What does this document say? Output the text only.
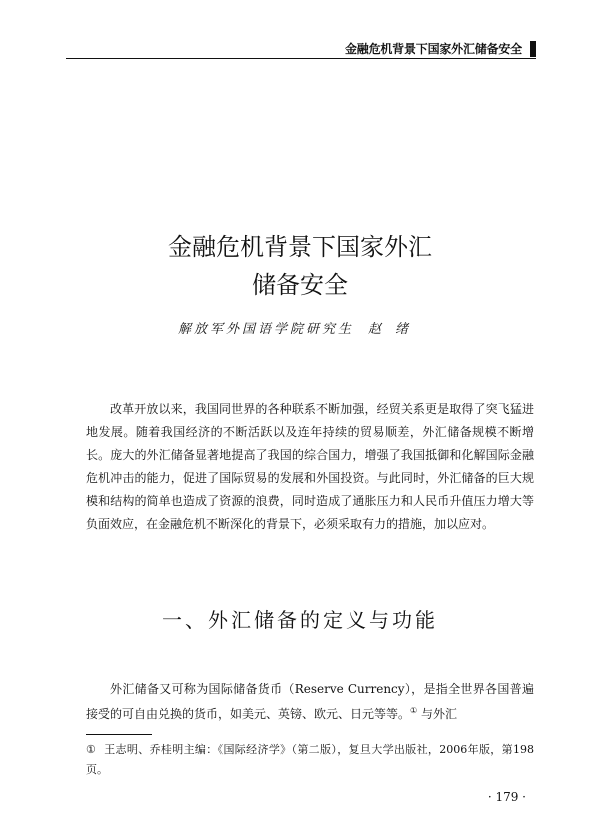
金融危机背景下国家外汇储备安全
金融危机背景下国家外汇
储备安全
解放军外国语学院研究生 赵绪

改革开放以来，我国同世界的各种联系不断加强，经贸关系更是取得了突飞猛进地发展。随着我国经济的不断活跃以及连年持续的贸易顺差，外汇储备规模不断增长。庞大的外汇储备显著地提高了我国的综合国力，增强了我国抵御和化解国际金融危机冲击的能力，促进了国际贸易的发展和外国投资。与此同时，外汇储备的巨大规模和结构的简单也造成了资源的浪费，同时造成了通胀压力和人民币升值压力增大等负面效应，在金融危机不断深化的背景下，必须采取有力的措施，加以应对。

一、外汇储备的定义与功能

外汇储备又可称为国际储备货币（Reserve Currency），是指全世界各国普遍接受的可自由兑换的货币，如美元、英镑、欧元、日元等等。① 与外汇

① 王志明、乔桂明主编：《国际经济学》（第二版），复旦大学出版社，2006年版，第198页。

· 179 ·
